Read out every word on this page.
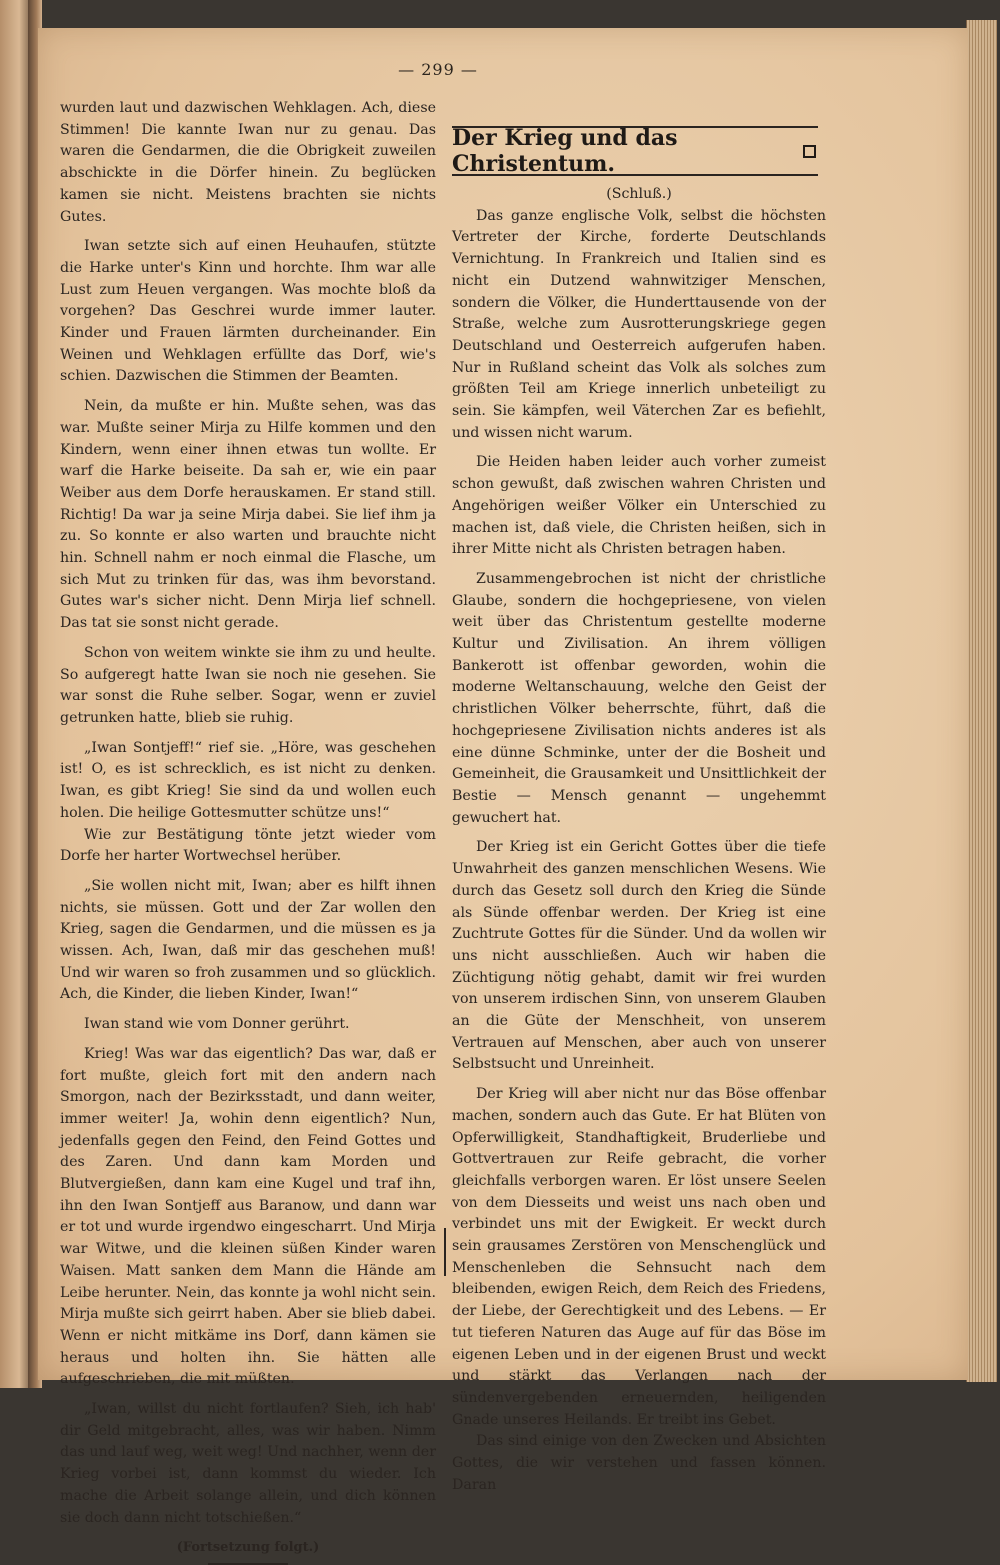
— 299 —

wurden laut und dazwischen Wehklagen. Ach, diese Stimmen! Die kannte Iwan nur zu genau. Das waren die Gendarmen, die die Obrigkeit zuweilen abschickte in die Dörfer hinein. Zu beglücken kamen sie nicht. Meistens brachten sie nichts Gutes.

Iwan setzte sich auf einen Heuhaufen, stützte die Harke unter's Kinn und horchte. Ihm war alle Lust zum Heuen vergangen. Was mochte bloß da vorgehen? Das Geschrei wurde immer lauter. Kinder und Frauen lärmten durcheinander. Ein Weinen und Wehklagen erfüllte das Dorf, wie's schien. Dazwischen die Stimmen der Beamten.

Nein, da mußte er hin. Mußte sehen, was das war. Mußte seiner Mirja zu Hilfe kommen und den Kindern, wenn einer ihnen etwas tun wollte. Er warf die Harke beiseite. Da sah er, wie ein paar Weiber aus dem Dorfe herauskamen. Er stand still. Richtig! Da war ja seine Mirja dabei. Sie lief ihm ja zu. So konnte er also warten und brauchte nicht hin. Schnell nahm er noch einmal die Flasche, um sich Mut zu trinken für das, was ihm bevorstand. Gutes war's sicher nicht. Denn Mirja lief schnell. Das tat sie sonst nicht gerade.

Schon von weitem winkte sie ihm zu und heulte. So aufgeregt hatte Iwan sie noch nie gesehen. Sie war sonst die Ruhe selber. Sogar, wenn er zuviel getrunken hatte, blieb sie ruhig.

„Iwan Sontjeff!“ rief sie. „Höre, was geschehen ist! O, es ist schrecklich, es ist nicht zu denken. Iwan, es gibt Krieg! Sie sind da und wollen euch holen. Die heilige Gottesmutter schütze uns!“

Wie zur Bestätigung tönte jetzt wieder vom Dorfe her harter Wortwechsel herüber.

„Sie wollen nicht mit, Iwan; aber es hilft ihnen nichts, sie müssen. Gott und der Zar wollen den Krieg, sagen die Gendarmen, und die müssen es ja wissen. Ach, Iwan, daß mir das geschehen muß! Und wir waren so froh zusammen und so glücklich. Ach, die Kinder, die lieben Kinder, Iwan!“

Iwan stand wie vom Donner gerührt.

Krieg! Was war das eigentlich? Das war, daß er fort mußte, gleich fort mit den andern nach Smorgon, nach der Bezirksstadt, und dann weiter, immer weiter! Ja, wohin denn eigentlich? Nun, jedenfalls gegen den Feind, den Feind Gottes und des Zaren. Und dann kam Morden und Blutvergießen, dann kam eine Kugel und traf ihn, ihn den Iwan Sontjeff aus Baranow, und dann war er tot und wurde irgendwo eingescharrt. Und Mirja war Witwe, und die kleinen süßen Kinder waren Waisen. Matt sanken dem Mann die Hände am Leibe herunter. Nein, das konnte ja wohl nicht sein. Mirja mußte sich geirrt haben. Aber sie blieb dabei. Wenn er nicht mitkäme ins Dorf, dann kämen sie heraus und holten ihn. Sie hätten alle aufgeschrieben, die mit müßten.

„Iwan, willst du nicht fortlaufen? Sieh, ich hab' dir Geld mitgebracht, alles, was wir haben. Nimm das und lauf weg, weit weg! Und nachher, wenn der Krieg vorbei ist, dann kommst du wieder. Ich mache die Arbeit solange allein, und dich können sie doch dann nicht totschießen.“

(Fortsetzung folgt.)

Der Krieg und das Christentum.

(Schluß.)

Das ganze englische Volk, selbst die höchsten Vertreter der Kirche, forderte Deutschlands Vernichtung. In Frankreich und Italien sind es nicht ein Dutzend wahnwitziger Menschen, sondern die Völker, die Hunderttausende von der Straße, welche zum Ausrotterungskriege gegen Deutschland und Oesterreich aufgerufen haben. Nur in Rußland scheint das Volk als solches zum größten Teil am Kriege innerlich unbeteiligt zu sein. Sie kämpfen, weil Väterchen Zar es befiehlt, und wissen nicht warum.

Die Heiden haben leider auch vorher zumeist schon gewußt, daß zwischen wahren Christen und Angehörigen weißer Völker ein Unterschied zu machen ist, daß viele, die Christen heißen, sich in ihrer Mitte nicht als Christen betragen haben.

Zusammengebrochen ist nicht der christliche Glaube, sondern die hochgepriesene, von vielen weit über das Christentum gestellte moderne Kultur und Zivilisation. An ihrem völligen Bankerott ist offenbar geworden, wohin die moderne Weltanschauung, welche den Geist der christlichen Völker beherrschte, führt, daß die hochgepriesene Zivilisation nichts anderes ist als eine dünne Schminke, unter der die Bosheit und Gemeinheit, die Grausamkeit und Unsittlichkeit der Bestie — Mensch genannt — ungehemmt gewuchert hat.

Der Krieg ist ein Gericht Gottes über die tiefe Unwahrheit des ganzen menschlichen Wesens. Wie durch das Gesetz soll durch den Krieg die Sünde als Sünde offenbar werden. Der Krieg ist eine Zuchtrute Gottes für die Sünder. Und da wollen wir uns nicht ausschließen. Auch wir haben die Züchtigung nötig gehabt, damit wir frei wurden von unserem irdischen Sinn, von unserem Glauben an die Güte der Menschheit, von unserem Vertrauen auf Menschen, aber auch von unserer Selbstsucht und Unreinheit.

Der Krieg will aber nicht nur das Böse offenbar machen, sondern auch das Gute. Er hat Blüten von Opferwilligkeit, Standhaftigkeit, Bruderliebe und Gottvertrauen zur Reife gebracht, die vorher gleichfalls verborgen waren. Er löst unsere Seelen von dem Diesseits und weist uns nach oben und verbindet uns mit der Ewigkeit. Er weckt durch sein grausames Zerstören von Menschenglück und Menschenleben die Sehnsucht nach dem bleibenden, ewigen Reich, dem Reich des Friedens, der Liebe, der Gerechtigkeit und des Lebens. — Er tut tieferen Naturen das Auge auf für das Böse im eigenen Leben und in der eigenen Brust und weckt und stärkt das Verlangen nach der sündenvergebenden erneuernden, heiligenden Gnade unseres Heilands. Er treibt ins Gebet.

Das sind einige von den Zwecken und Absichten Gottes, die wir verstehen und fassen können. Daran
